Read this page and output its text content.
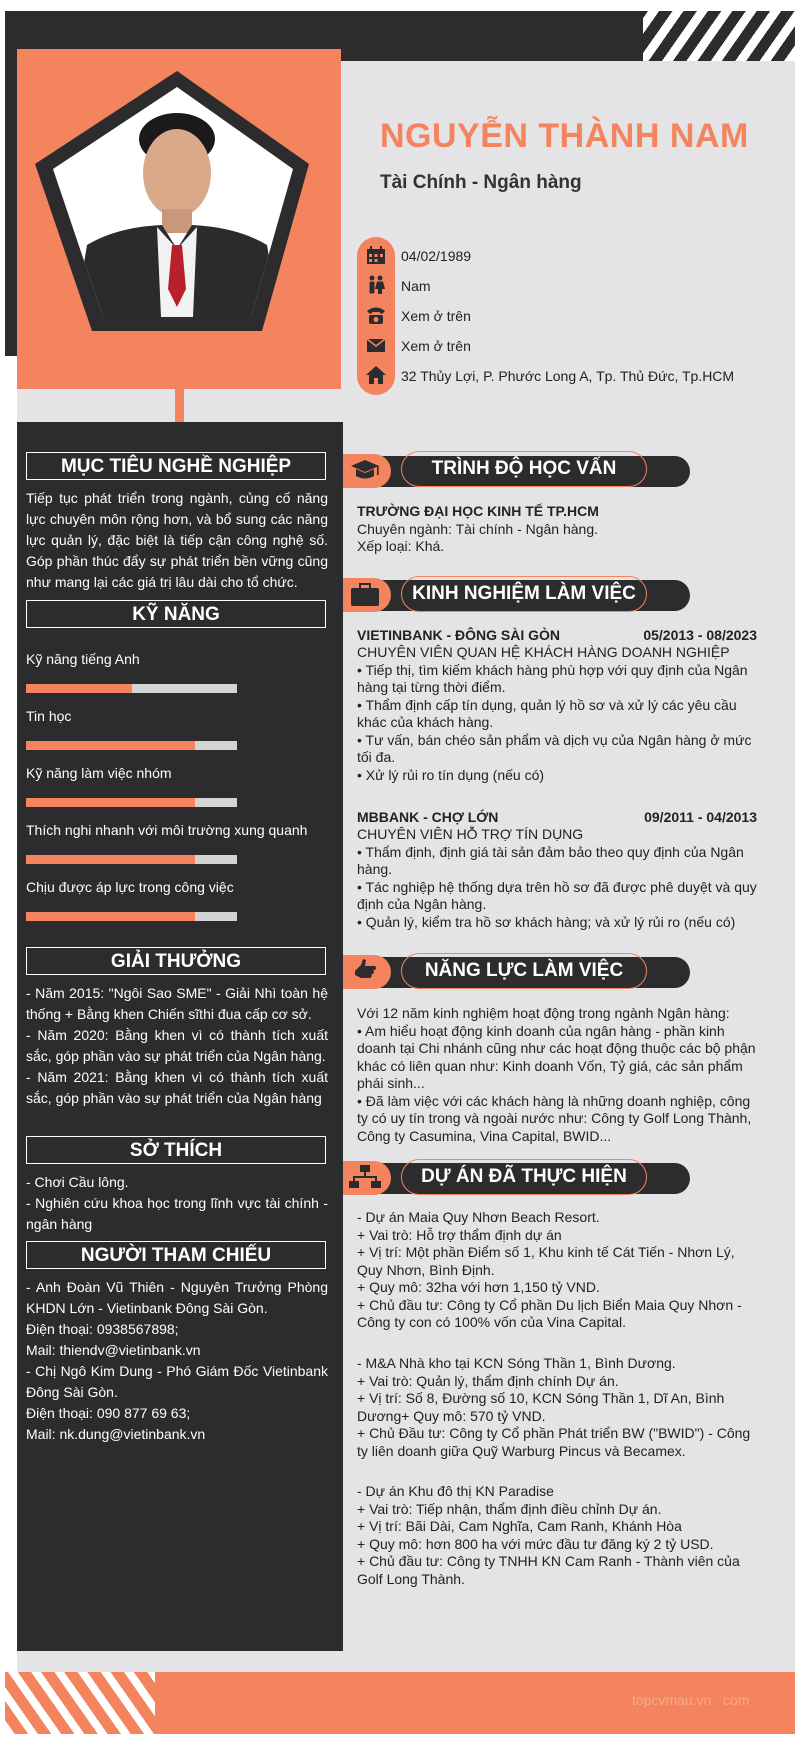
topcvmau.vn . com
NGUYỄN THÀNH NAM
Tài Chính - Ngân hàng
04/02/1989
Nam
Xem ở trên
Xem ở trên
32 Thủy Lợi, P. Phước Long A, Tp. Thủ Đức, Tp.HCM
MỤC TIÊU NGHỀ NGHIỆP
Tiếp tục phát triển trong ngành, củng cố năng lực chuyên môn rộng hơn, và bổ sung các năng lực quản lý, đặc biệt là tiếp cận công nghệ số. Góp phần thúc đẩy sự phát triển bền vững cũng như mang lại các giá trị lâu dài cho tổ chức.
KỸ NĂNG
Kỹ năng tiếng Anh
Tin học
Kỹ năng làm việc nhóm
Thích nghi nhanh với môi trường xung quanh
Chịu được áp lực trong công việc
GIẢI THƯỞNG
- Năm 2015: "Ngôi Sao SME" - Giải Nhì toàn hệ thống + Bằng khen Chiến sĩthi đua cấp cơ sở.
- Năm 2020: Bằng khen vì có thành tích xuất sắc, góp phần vào sự phát triển của Ngân hàng.
- Năm 2021: Bằng khen vì có thành tích xuất sắc, góp phần vào sự phát triển của Ngân hàng
SỞ THÍCH
- Chơi Cầu lông.
- Nghiên cứu khoa học trong lĩnh vực tài chính - ngân hàng
NGƯỜI THAM CHIẾU
- Anh Đoàn Vũ Thiên - Nguyên Trưởng Phòng KHDN Lớn - Vietinbank Đông Sài Gòn.
Điện thoại: 0938567898;
Mail: thiendv@vietinbank.vn
- Chị Ngô Kim Dung - Phó Giám Đốc Vietinbank Đông Sài Gòn.
Điện thoại: 090 877 69 63;
Mail: nk.dung@vietinbank.vn
TRÌNH ĐỘ HỌC VẤN
TRƯỜNG ĐẠI HỌC KINH TẾ TP.HCM
Chuyên ngành: Tài chính - Ngân hàng.
Xếp loại: Khá.
KINH NGHIỆM LÀM VIỆC
VIETINBANK - ĐÔNG SÀI GÒN	05/2013 - 08/2023
CHUYÊN VIÊN QUAN HỆ KHÁCH HÀNG DOANH NGHIỆP
• Tiếp thị, tìm kiếm khách hàng phù hợp với quy định của Ngân hàng tại từng thời điểm.
• Thẩm định cấp tín dụng, quản lý hồ sơ và xử lý các yêu cầu khác của khách hàng.
• Tư vấn, bán chéo sản phẩm và dịch vụ của Ngân hàng ở mức tối đa.
• Xử lý rủi ro tín dụng (nếu có)
MBBANK - CHỢ LỚN	09/2011 - 04/2013
CHUYÊN VIÊN HỖ TRỢ TÍN DỤNG
• Thẩm định, định giá tài sản đảm bảo theo quy định của Ngân hàng.
• Tác nghiệp hệ thống dựa trên hồ sơ đã được phê duyệt và quy định của Ngân hàng.
• Quản lý, kiểm tra hồ sơ khách hàng; và xử lý rủi ro (nếu có)
NĂNG LỰC LÀM VIỆC
Với 12 năm kinh nghiệm hoạt động trong ngành Ngân hàng:
• Am hiểu hoạt động kinh doanh của ngân hàng - phần kinh doanh tại Chi nhánh cũng như các hoạt động thuộc các bộ phận khác có liên quan như: Kinh doanh Vốn, Tỷ giá, các sản phẩm phái sinh...
• Đã làm việc với các khách hàng là những doanh nghiệp, công ty có uy tín trong và ngoài nước như: Công ty Golf Long Thành, Công ty Casumina, Vina Capital, BWID...
DỰ ÁN ĐÃ THỰC HIỆN
- Dự án Maia Quy Nhơn Beach Resort.
+ Vai trò: Hỗ trợ thẩm định dự án
+ Vị trí: Một phần Điểm số 1, Khu kinh tế Cát Tiến - Nhơn Lý, Quy Nhơn, Bình Định.
+ Quy mô: 32ha với hơn 1,150 tỷ VND.
+ Chủ đầu tư: Công ty Cổ phần Du lịch Biển Maia Quy Nhơn - Công ty con có 100% vốn của Vina Capital.
- M&A Nhà kho tại KCN Sóng Thần 1, Bình Dương.
+ Vai trò: Quản lý, thẩm định chính Dự án.
+ Vị trí: Số 8, Đường số 10, KCN Sóng Thần 1, Dĩ An, Bình Dương+ Quy mô: 570 tỷ VND.
+ Chủ Đầu tư: Công ty Cổ phần Phát triển BW ("BWID") - Công ty liên doanh giữa Quỹ Warburg Pincus và Becamex.
- Dự án Khu đô thị KN Paradise
+ Vai trò: Tiếp nhận, thẩm định điều chỉnh Dự án.
+ Vị trí: Bãi Dài, Cam Nghĩa, Cam Ranh, Khánh Hòa
+ Quy mô: hơn 800 ha với mức đầu tư đăng ký 2 tỷ USD.
+ Chủ đầu tư: Công ty TNHH KN Cam Ranh - Thành viên của Golf Long Thành.
